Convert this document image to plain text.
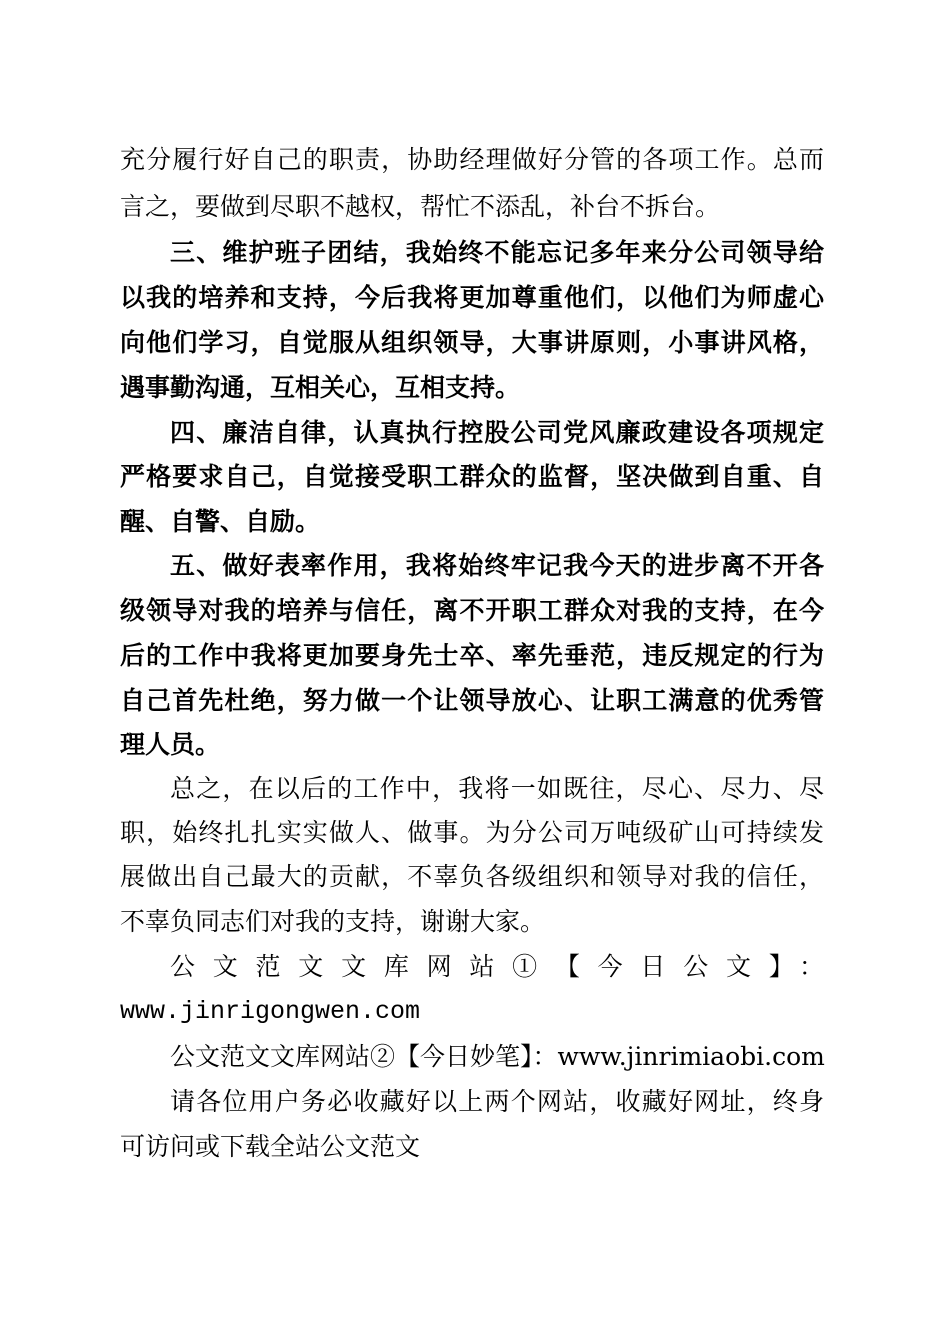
充分履行好自己的职责，协助经理做好分管的各项工作。总而
言之，要做到尽职不越权，帮忙不添乱，补台不拆台。
三、维护班子团结，我始终不能忘记多年来分公司领导给
以我的培养和支持，今后我将更加尊重他们，以他们为师虚心
向他们学习，自觉服从组织领导，大事讲原则，小事讲风格，
遇事勤沟通，互相关心，互相支持。
四、廉洁自律，认真执行控股公司党风廉政建设各项规定
严格要求自己，自觉接受职工群众的监督，坚决做到自重、自
醒、自警、自励。
五、做好表率作用，我将始终牢记我今天的进步离不开各
级领导对我的培养与信任，离不开职工群众对我的支持，在今
后的工作中我将更加要身先士卒、率先垂范，违反规定的行为
自己首先杜绝，努力做一个让领导放心、让职工满意的优秀管
理人员。
总之，在以后的工作中，我将一如既往，尽心、尽力、尽
职，始终扎扎实实做人、做事。为分公司万吨级矿山可持续发
展做出自己最大的贡献，不辜负各级组织和领导对我的信任，
不辜负同志们对我的支持，谢谢大家。
公文范文文库网站①【今日公文】：
www.jinrigongwen.com
公文范文文库网站②【今日妙笔】：www.jinrimiaobi.com
请各位用户务必收藏好以上两个网站，收藏好网址，终身
可访问或下载全站公文范文
